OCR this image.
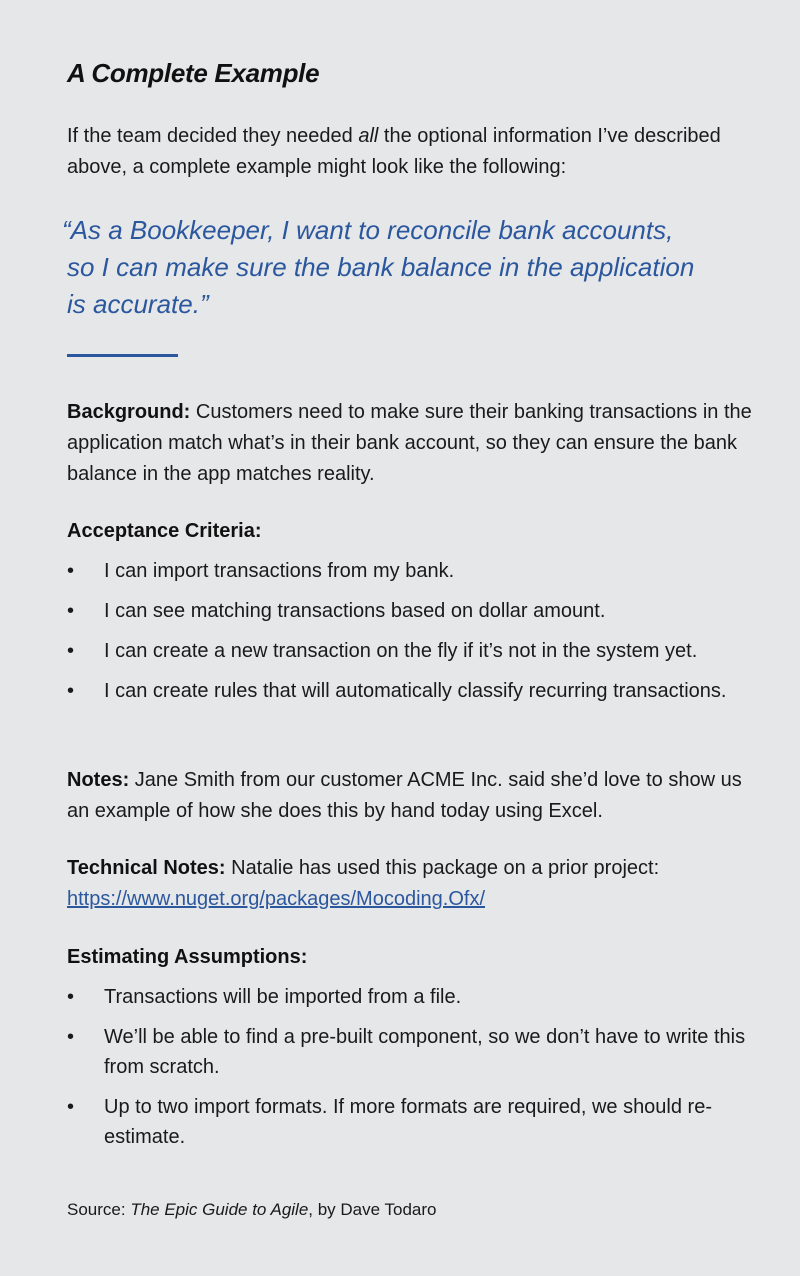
A Complete Example

If the team decided they needed all the optional information I’ve described above, a complete example might look like the following:

“As a Bookkeeper, I want to reconcile bank accounts,
so I can make sure the bank balance in the application
is accurate.”

Background: Customers need to make sure their banking transactions in the application match what’s in their bank account, so they can ensure the bank balance in the app matches reality.

Acceptance Criteria:
• I can import transactions from my bank.
• I can see matching transactions based on dollar amount.
• I can create a new transaction on the fly if it’s not in the system yet.
• I can create rules that will automatically classify recurring transactions.

Notes: Jane Smith from our customer ACME Inc. said she’d love to show us an example of how she does this by hand today using Excel.

Technical Notes: Natalie has used this package on a prior project:
https://www.nuget.org/packages/Mocoding.Ofx/

Estimating Assumptions:
• Transactions will be imported from a file.
• We’ll be able to find a pre-built component, so we don’t have to write this from scratch.
• Up to two import formats. If more formats are required, we should re-estimate.

Source: The Epic Guide to Agile, by Dave Todaro
